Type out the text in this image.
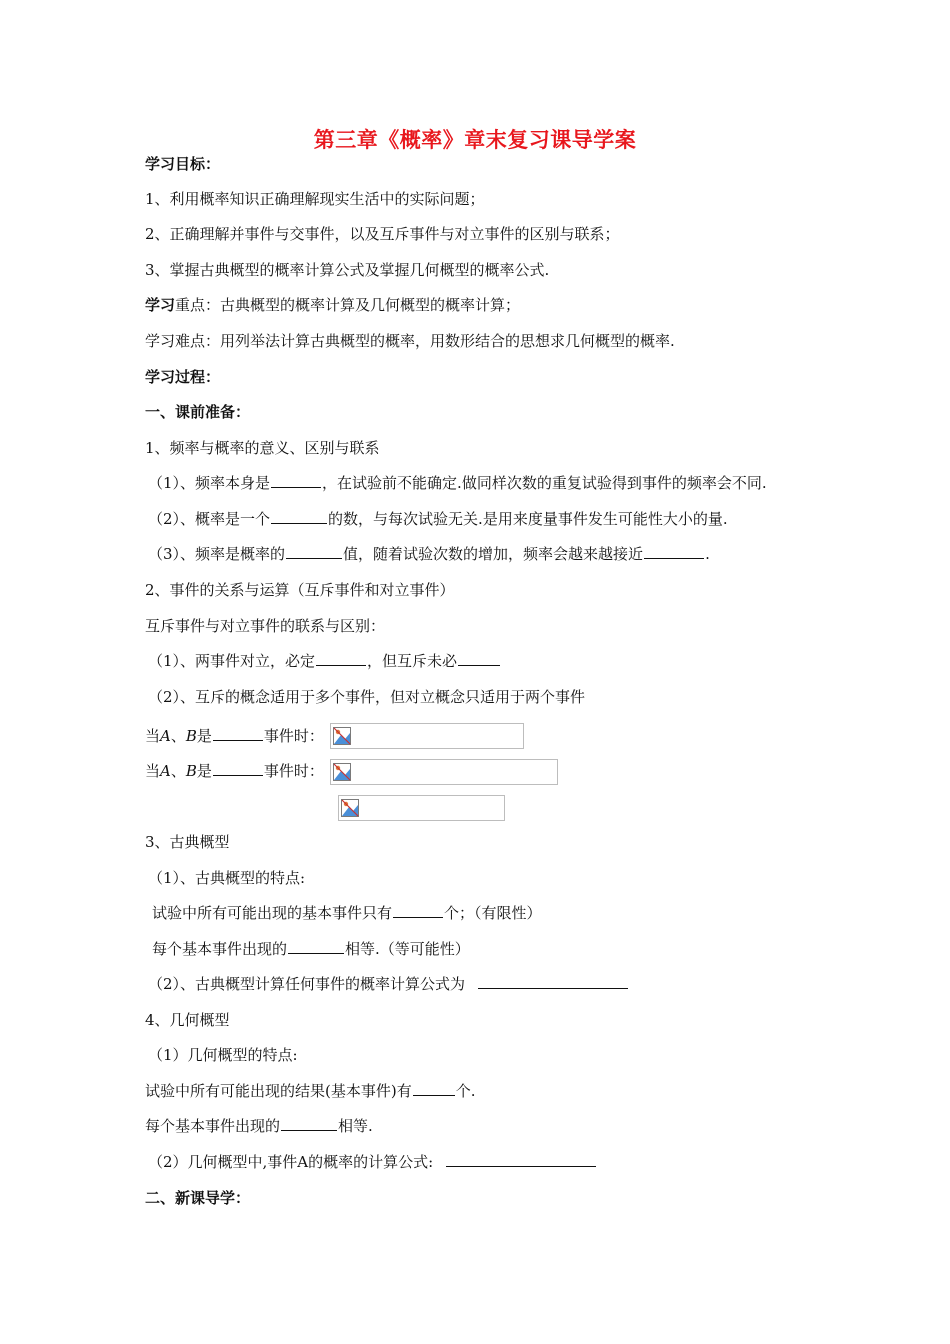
第三章《概率》章末复习课导学案
学习目标：
1、利用概率知识正确理解现实生活中的实际问题；
2、正确理解并事件与交事件，以及互斥事件与对立事件的区别与联系；
3、掌握古典概型的概率计算公式及掌握几何概型的概率公式.
学习重点：古典概型的概率计算及几何概型的概率计算；
学习难点：用列举法计算古典概型的概率，用数形结合的思想求几何概型的概率.
学习过程：
一、课前准备：
1、频率与概率的意义、区别与联系
（1）、频率本身是	，在试验前不能确定.做同样次数的重复试验得到事件的频率会不同.
（2）、概率是一个	的数，与每次试验无关.是用来度量事件发生可能性大小的量.
（3）、频率是概率的	值，随着试验次数的增加，频率会越来越接近	.
2、事件的关系与运算（互斥事件和对立事件）
互斥事件与对立事件的联系与区别：
（1）、两事件对立，必定	，但互斥未必
（2）、互斥的概念适用于多个事件，但对立概念只适用于两个事件
当A、B是	事件时：
当A、B是	事件时：
3、古典概型
（1）、古典概型的特点:
试验中所有可能出现的基本事件只有	个；（有限性）
每个基本事件出现的	相等.（等可能性）
（2）、古典概型计算任何事件的概率计算公式为
4、几何概型
（1）几何概型的特点:
试验中所有可能出现的结果(基本事件)有	个.
每个基本事件出现的	相等.
（2）几何概型中,事件A的概率的计算公式:
二、新课导学：
